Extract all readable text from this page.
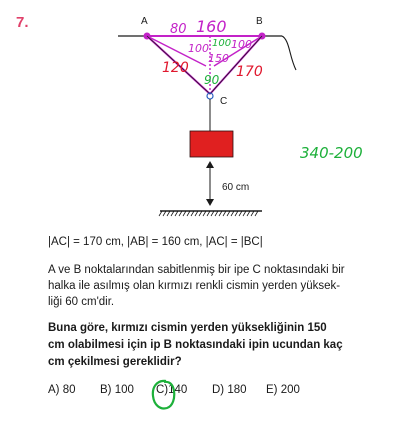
7.	A	B
C
60 cm
80 160
100 100
150
100
120	170
90
340-200
|AC| = 170 cm, |AB| = 160 cm, |AC| = |BC|
A ve B noktalarından sabitlenmiş bir ipe C noktasındaki bir
halka ile asılmış olan kırmızı renkli cismin yerden yüksek-
liği 60 cm'dir.
Buna göre, kırmızı cismin yerden yüksekliğinin 150
cm olabilmesi için ip B noktasındaki ipin ucundan kaç
cm çekilmesi gereklidir?
A) 80 B) 100 C)140 D) 180 E) 200
